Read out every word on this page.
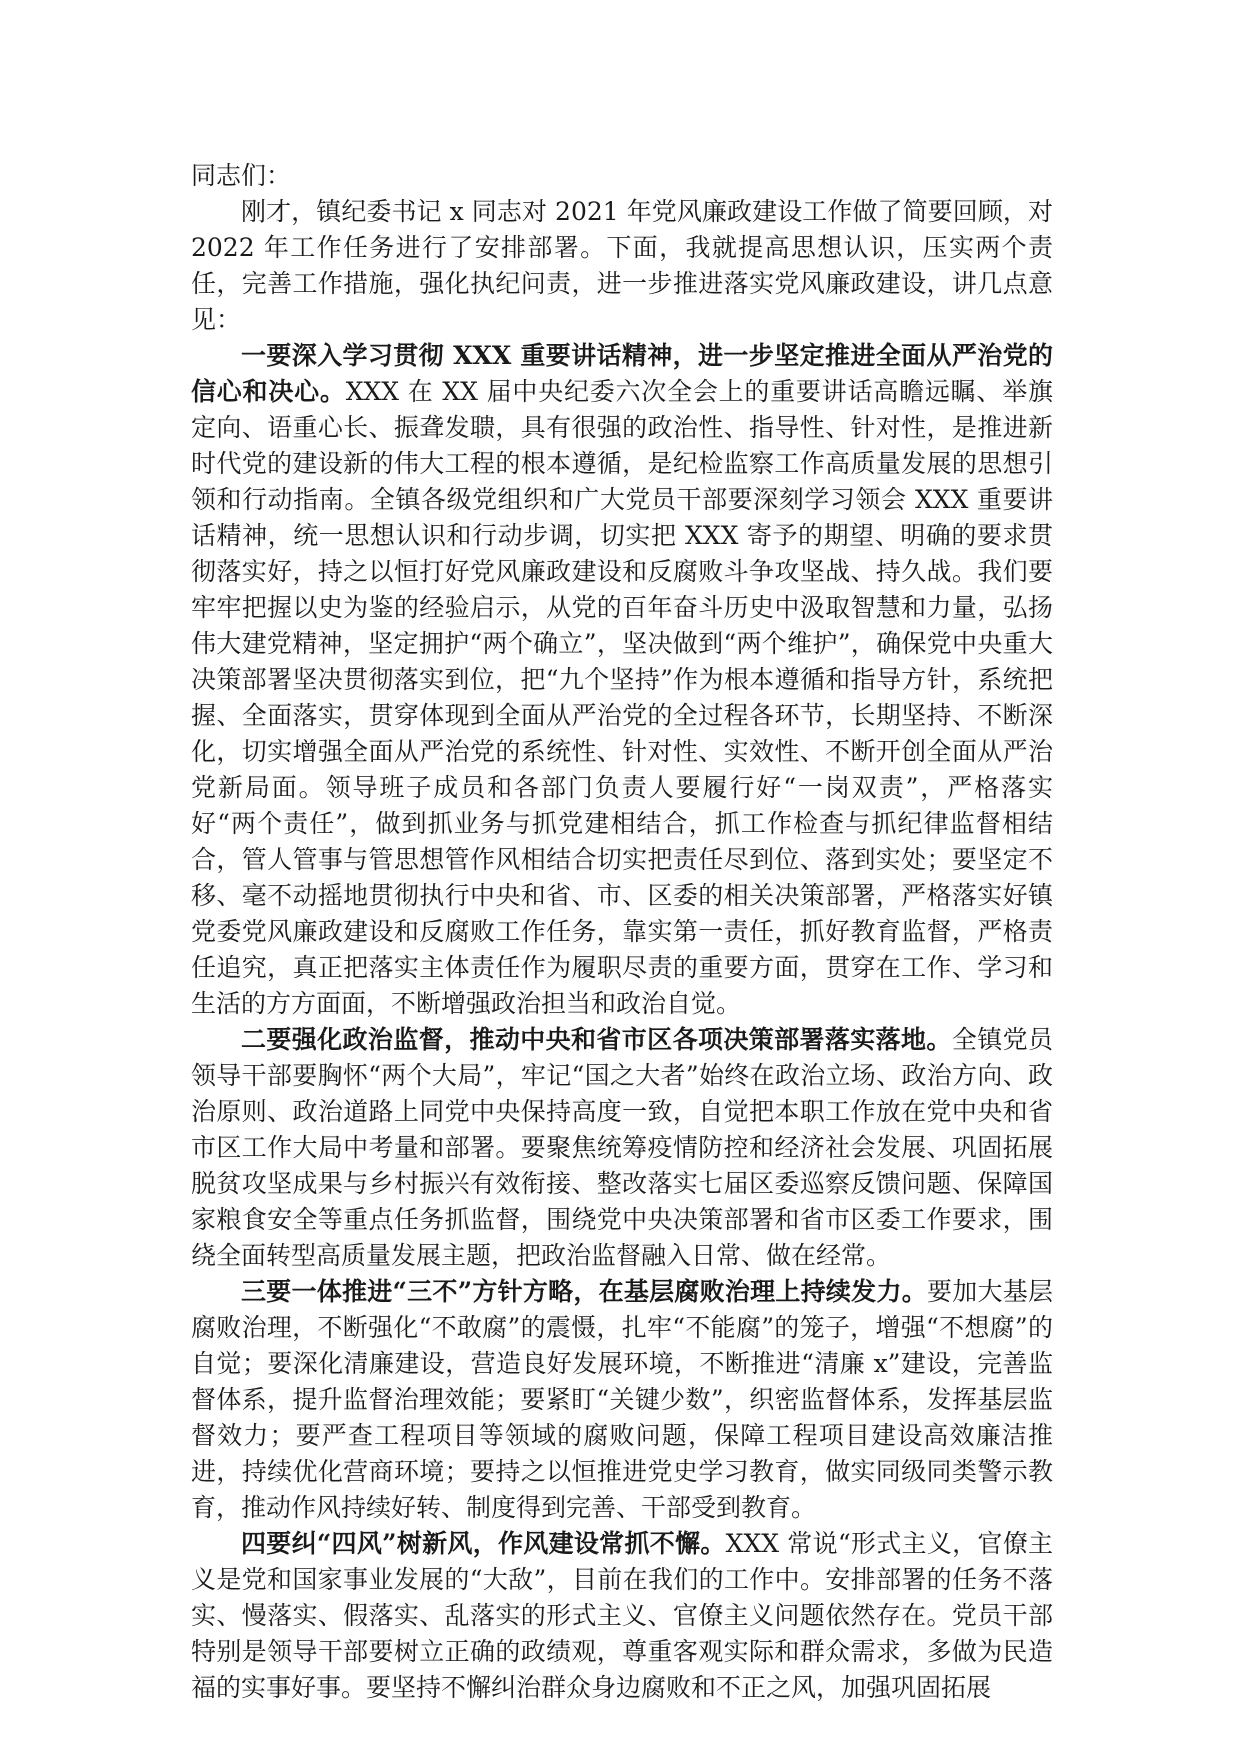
同志们：

刚才，镇纪委书记 x 同志对 2021 年党风廉政建设工作做了简要回顾，对 2022 年工作任务进行了安排部署。下面，我就提高思想认识，压实两个责任，完善工作措施，强化执纪问责，进一步推进落实党风廉政建设，讲几点意见：

一要深入学习贯彻 XXX 重要讲话精神，进一步坚定推进全面从严治党的信心和决心。XXX 在 XX 届中央纪委六次全会上的重要讲话高瞻远瞩、举旗定向、语重心长、振聋发聩，具有很强的政治性、指导性、针对性，是推进新时代党的建设新的伟大工程的根本遵循，是纪检监察工作高质量发展的思想引领和行动指南。全镇各级党组织和广大党员干部要深刻学习领会 XXX 重要讲话精神，统一思想认识和行动步调，切实把 XXX 寄予的期望、明确的要求贯彻落实好，持之以恒打好党风廉政建设和反腐败斗争攻坚战、持久战。我们要牢牢把握以史为鉴的经验启示，从党的百年奋斗历史中汲取智慧和力量，弘扬伟大建党精神，坚定拥护“两个确立”，坚决做到“两个维护”，确保党中央重大决策部署坚决贯彻落实到位，把“九个坚持”作为根本遵循和指导方针，系统把握、全面落实，贯穿体现到全面从严治党的全过程各环节，长期坚持、不断深化，切实增强全面从严治党的系统性、针对性、实效性、不断开创全面从严治党新局面。领导班子成员和各部门负责人要履行好“一岗双责”，严格落实好“两个责任”，做到抓业务与抓党建相结合，抓工作检查与抓纪律监督相结合，管人管事与管思想管作风相结合切实把责任尽到位、落到实处；要坚定不移、毫不动摇地贯彻执行中央和省、市、区委的相关决策部署，严格落实好镇党委党风廉政建设和反腐败工作任务，靠实第一责任，抓好教育监督，严格责任追究，真正把落实主体责任作为履职尽责的重要方面，贯穿在工作、学习和生活的方方面面，不断增强政治担当和政治自觉。

二要强化政治监督，推动中央和省市区各项决策部署落实落地。全镇党员领导干部要胸怀“两个大局”，牢记“国之大者”始终在政治立场、政治方向、政治原则、政治道路上同党中央保持高度一致，自觉把本职工作放在党中央和省市区工作大局中考量和部署。要聚焦统筹疫情防控和经济社会发展、巩固拓展脱贫攻坚成果与乡村振兴有效衔接、整改落实七届区委巡察反馈问题、保障国家粮食安全等重点任务抓监督，围绕党中央决策部署和省市区委工作要求，围绕全面转型高质量发展主题，把政治监督融入日常、做在经常。

三要一体推进“三不”方针方略，在基层腐败治理上持续发力。要加大基层腐败治理，不断强化“不敢腐”的震慑，扎牢“不能腐”的笼子，增强“不想腐”的自觉；要深化清廉建设，营造良好发展环境，不断推进“清廉 x”建设，完善监督体系，提升监督治理效能；要紧盯“关键少数”，织密监督体系，发挥基层监督效力；要严查工程项目等领域的腐败问题，保障工程项目建设高效廉洁推进，持续优化营商环境；要持之以恒推进党史学习教育，做实同级同类警示教育，推动作风持续好转、制度得到完善、干部受到教育。

四要纠“四风”树新风，作风建设常抓不懈。XXX 常说“形式主义，官僚主义是党和国家事业发展的“大敌”，目前在我们的工作中。安排部署的任务不落实、慢落实、假落实、乱落实的形式主义、官僚主义问题依然存在。党员干部特别是领导干部要树立正确的政绩观，尊重客观实际和群众需求，多做为民造福的实事好事。要坚持不懈纠治群众身边腐败和不正之风，加强巩固拓展
